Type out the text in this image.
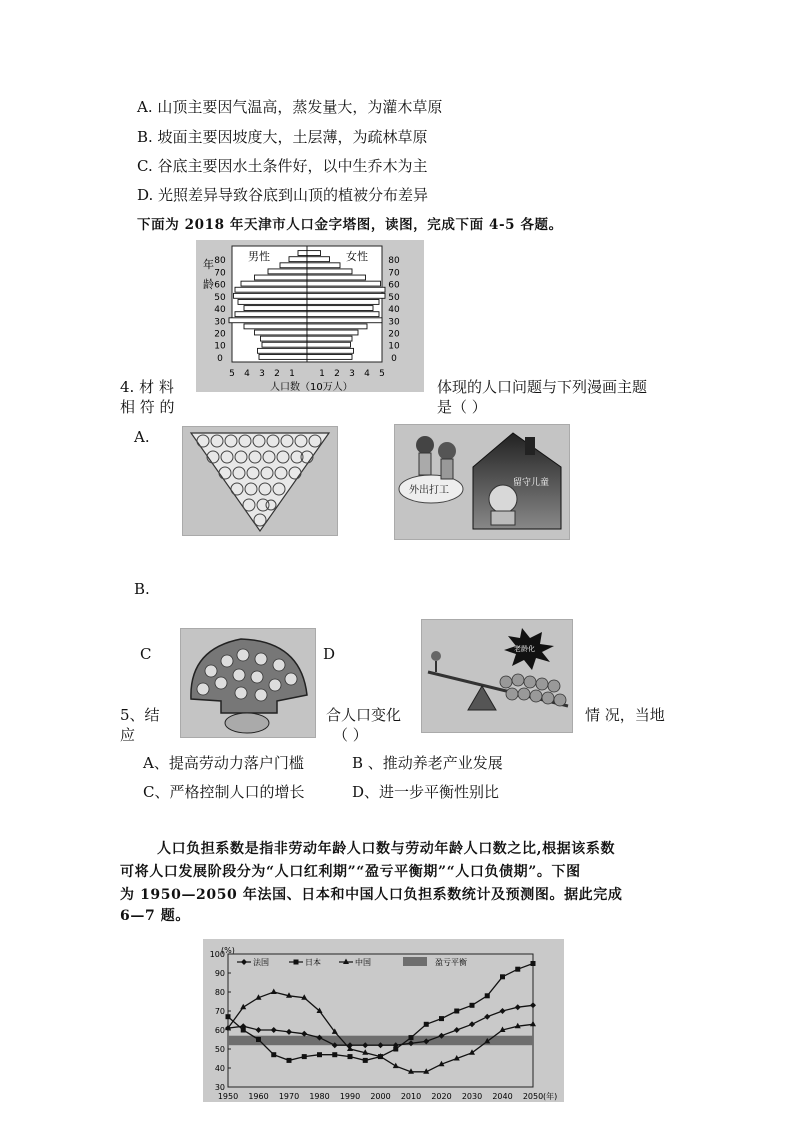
A. 山顶主要因气温高，蒸发量大，为灌木草原
B. 坡面主要因坡度大，土层薄，为疏林草原
C. 谷底主要因水土条件好，以中生乔木为主
D. 光照差异导致谷底到山顶的植被分布差异
下面为 2018 年天津市人口金字塔图，读图，完成下面 4-5 各题。
男性	女性
年
龄
80	80
70	70
60	60
50	50
40	40
30	30
20	20
10	10
0	0
5 4 3 2 1	1 2 3 4 5
人口数（10万人）
4. 材 料
相 符 的
体现的人口问题与下列漫画主题
是（ ）
A.
外出打工
留守儿童
B.
C	D	老龄化
5、结
应
合人口变化
（ ）
情 况，当地
A、提高劳动力落户门槛	B 、推动养老产业发展
C、严格控制人口的增长	D、进一步平衡性别比
人口负担系数是指非劳动年龄人口数与劳动年龄人口数之比,根据该系数
可将人口发展阶段分为“人口红利期”“盈亏平衡期”“人口负债期”。下图
为 1950—2050 年法国、日本和中国人口负担系数统计及预测图。据此完成
6—7 题。
(%)
30
40
50
60
70
80
90
100
1950 1960 1970 1980 1990 2000 2010 2020 2030 2040 2050 (年)
法国	日本	中国	盈亏平衡
